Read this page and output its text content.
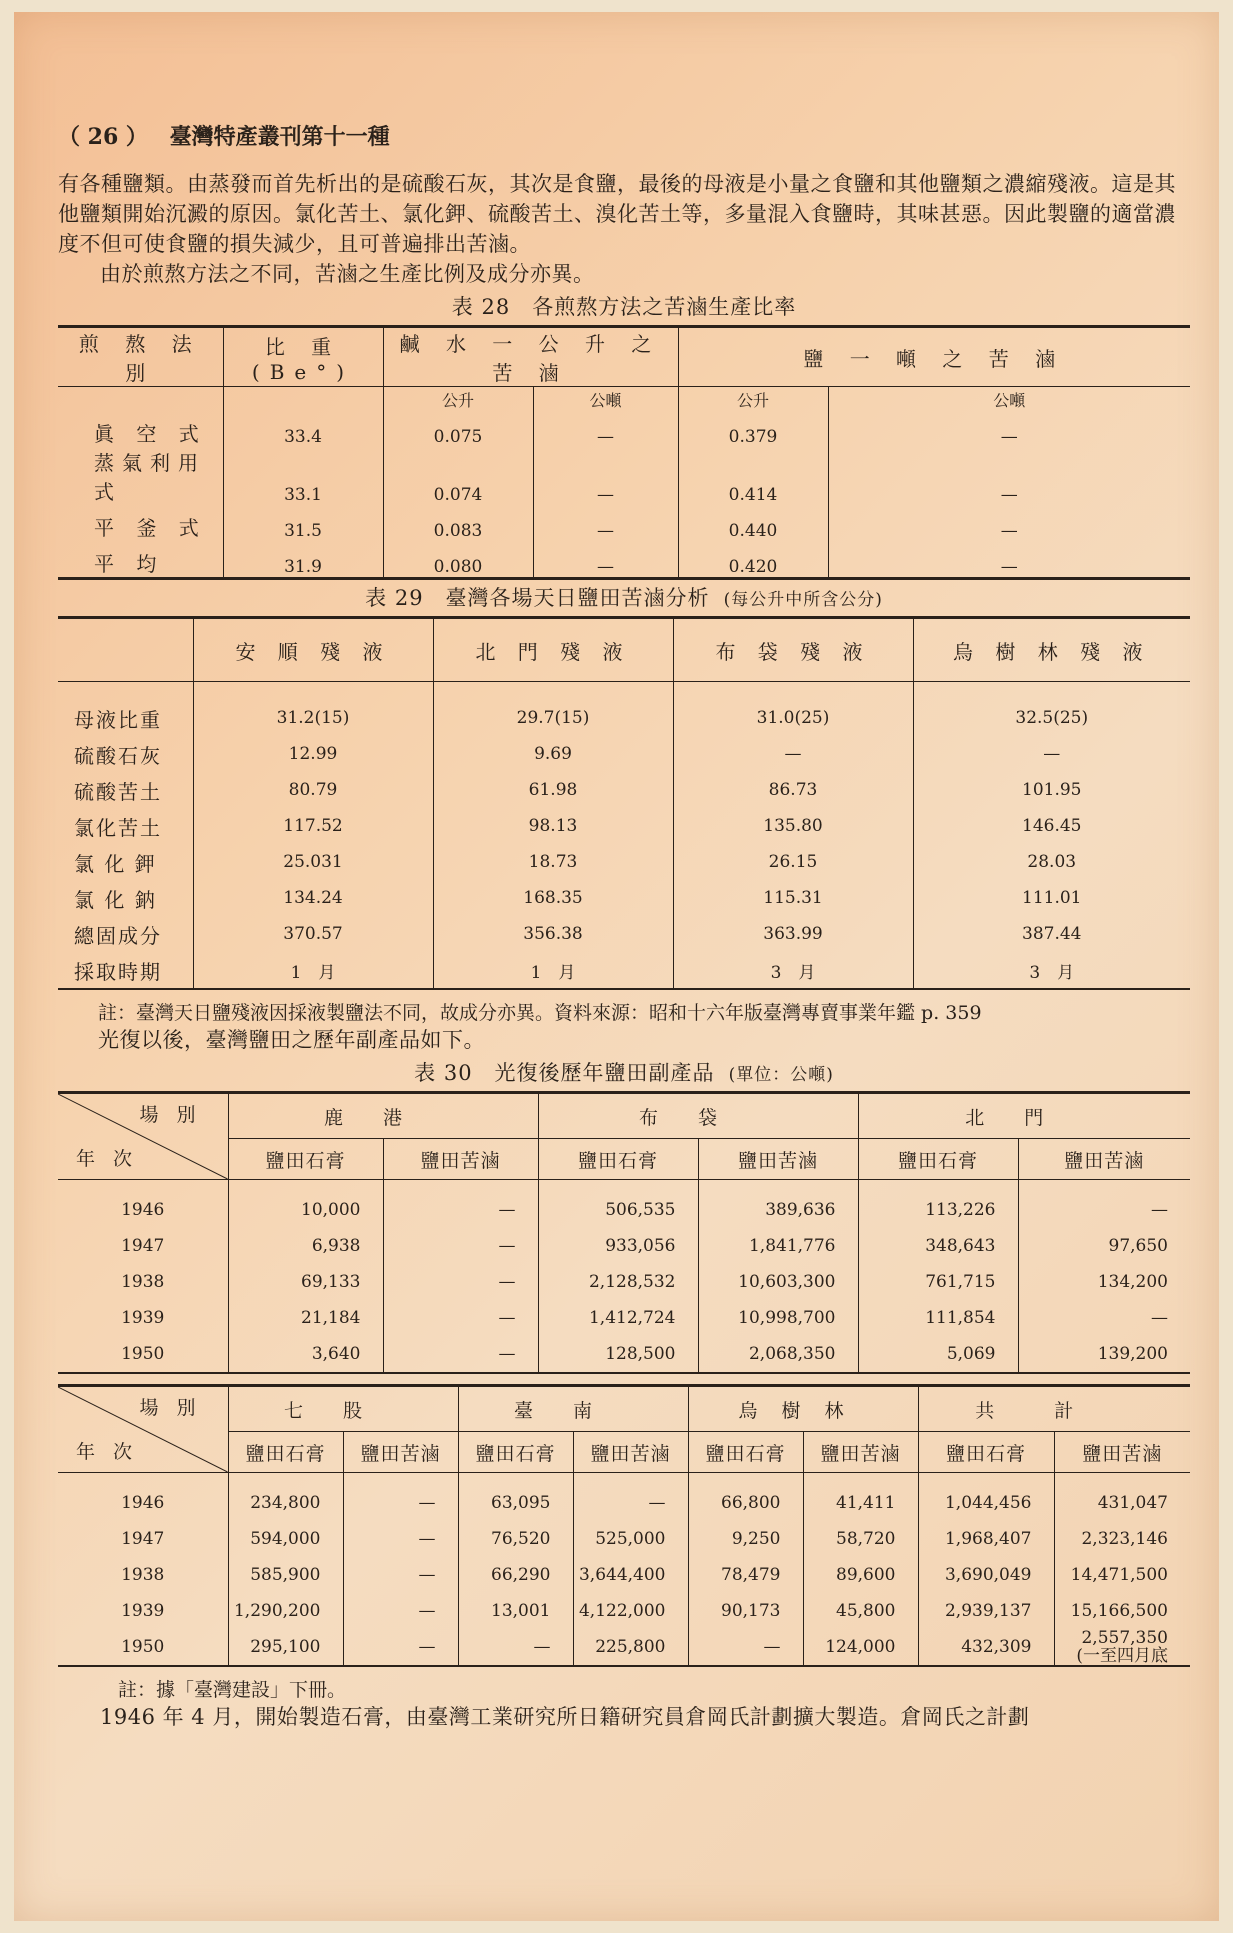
（ 26 ） 臺灣特產叢刊第十一種

有各種鹽類。由蒸發而首先析出的是硫酸石灰，其次是食鹽，最後的母液是小量之食鹽和其他鹽類之濃縮殘液。這是其他鹽類開始沉澱的原因。氯化苦土、氯化鉀、硫酸苦土、溴化苦土等，多量混入食鹽時，其味甚惡。因此製鹽的適當濃度不但可使食鹽的損失減少，且可普遍排出苦滷。

由於煎熬方法之不同，苦滷之生產比例及成分亦異。

表 28　各煎熬方法之苦滷生產比率
煎 熬 法 別	比 重 (Be°)	鹹 水 一 公 升 之 苦 滷		鹽 一 噸 之 苦 滷	
		公升	公噸	公升	公噸
眞 空 式	33.4	0.075	—	0.379	—
蒸氣利用式	33.1	0.074	—	0.414	—
平 釜 式	31.5	0.083	—	0.440	—
平 均	31.9	0.080	—	0.420	—
表 29　臺灣各場天日鹽田苦滷分析 (每公升中所含公分)
	安 順 殘 液	北 門 殘 液	布 袋 殘 液	烏 樹 林 殘 液
母液比重	31.2(15)	29.7(15)	31.0(25)	32.5(25)
硫酸石灰	12.99	9.69	—	—
硫酸苦土	80.79	61.98	86.73	101.95
氯化苦土	117.52	98.13	135.80	146.45
氯 化 鉀	25.031	18.73	26.15	28.03
氯 化 鈉	134.24	168.35	115.31	111.01
總固成分	370.57	356.38	363.99	387.44
採取時期	1　月	1　月	3　月	3　月
註：臺灣天日鹽殘液因採液製鹽法不同，故成分亦異。資料來源：昭和十六年版臺灣專賣事業年鑑 p. 359

光復以後，臺灣鹽田之歷年副產品如下。

表 30　光復後歷年鹽田副產品 (單位：公噸)
場別
年次	鹿港		布袋		北門	
	鹽田石膏	鹽田苦滷	鹽田石膏	鹽田苦滷	鹽田石膏	鹽田苦滷
1946	10,000	—	506,535	389,636	113,226	—
1947	6,938	—	933,056	1,841,776	348,643	97,650
1938	69,133	—	2,128,532	10,603,300	761,715	134,200
1939	21,184	—	1,412,724	10,998,700	111,854	—
1950	3,640	—	128,500	2,068,350	5,069	139,200
場別
年次	七股		臺南		烏樹林		共計	
	鹽田石膏	鹽田苦滷	鹽田石膏	鹽田苦滷	鹽田石膏	鹽田苦滷	鹽田石膏	鹽田苦滷
1946	234,800	—	63,095	—	66,800	41,411	1,044,456	431,047
1947	594,000	—	76,520	525,000	9,250	58,720	1,968,407	2,323,146
1938	585,900	—	66,290	3,644,400	78,479	89,600	3,690,049	14,471,500
1939	1,290,200	—	13,001	4,122,000	90,173	45,800	2,939,137	15,166,500
1950	295,100	—	—	225,800	—	124,000	432,309	2,557,350
(一至四月底
註：據「臺灣建設」下冊。

1946 年 4 月，開始製造石膏，由臺灣工業研究所日籍研究員倉岡氏計劃擴大製造。倉岡氏之計劃
